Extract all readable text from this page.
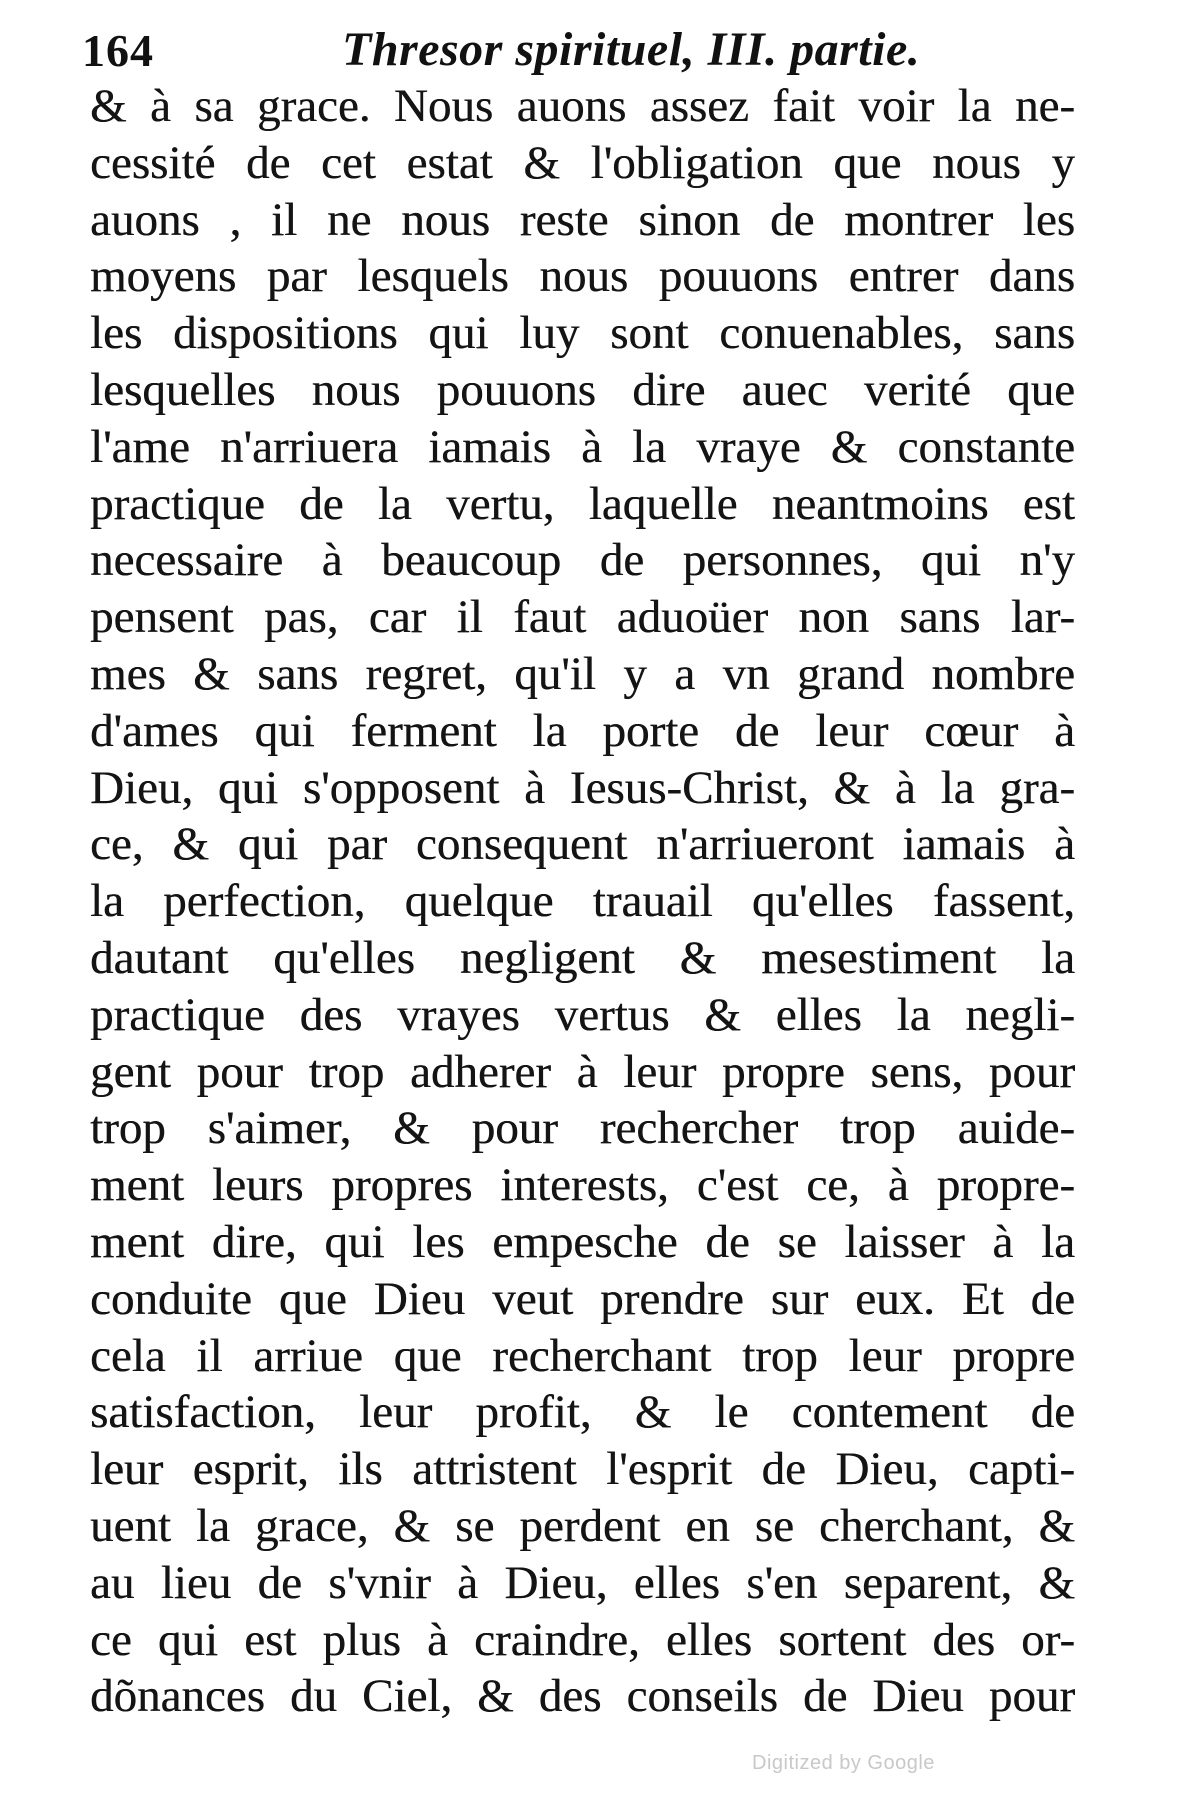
164	Thresor spirituel, III. partie.
& à sa grace. Nous auons assez fait voir la ne-
cessité de cet estat & l'obligation que nous y
auons , il ne nous reste sinon de montrer les
moyens par lesquels nous pouuons entrer dans
les dispositions qui luy sont conuenables, sans
lesquelles nous pouuons dire auec verité que
l'ame n'arriuera iamais à la vraye & constante
practique de la vertu, laquelle neantmoins est
necessaire à beaucoup de personnes, qui n'y
pensent pas, car il faut aduoüer non sans lar-
mes & sans regret, qu'il y a vn grand nombre
d'ames qui ferment la porte de leur cœur à
Dieu, qui s'opposent à Iesus-Christ, & à la gra-
ce, & qui par consequent n'arriueront iamais à
la perfection, quelque trauail qu'elles fassent,
dautant qu'elles negligent & mesestiment la
practique des vrayes vertus & elles la negli-
gent pour trop adherer à leur propre sens, pour
trop s'aimer, & pour rechercher trop auide-
ment leurs propres interests, c'est ce, à propre-
ment dire, qui les empesche de se laisser à la
conduite que Dieu veut prendre sur eux. Et de
cela il arriue que recherchant trop leur propre
satisfaction, leur profit, & le contement de
leur esprit, ils attristent l'esprit de Dieu, capti-
uent la grace, & se perdent en se cherchant, &
au lieu de s'vnir à Dieu, elles s'en separent, &
ce qui est plus à craindre, elles sortent des or-
dõnances du Ciel, & des conseils de Dieu pour
Digitized by Google
